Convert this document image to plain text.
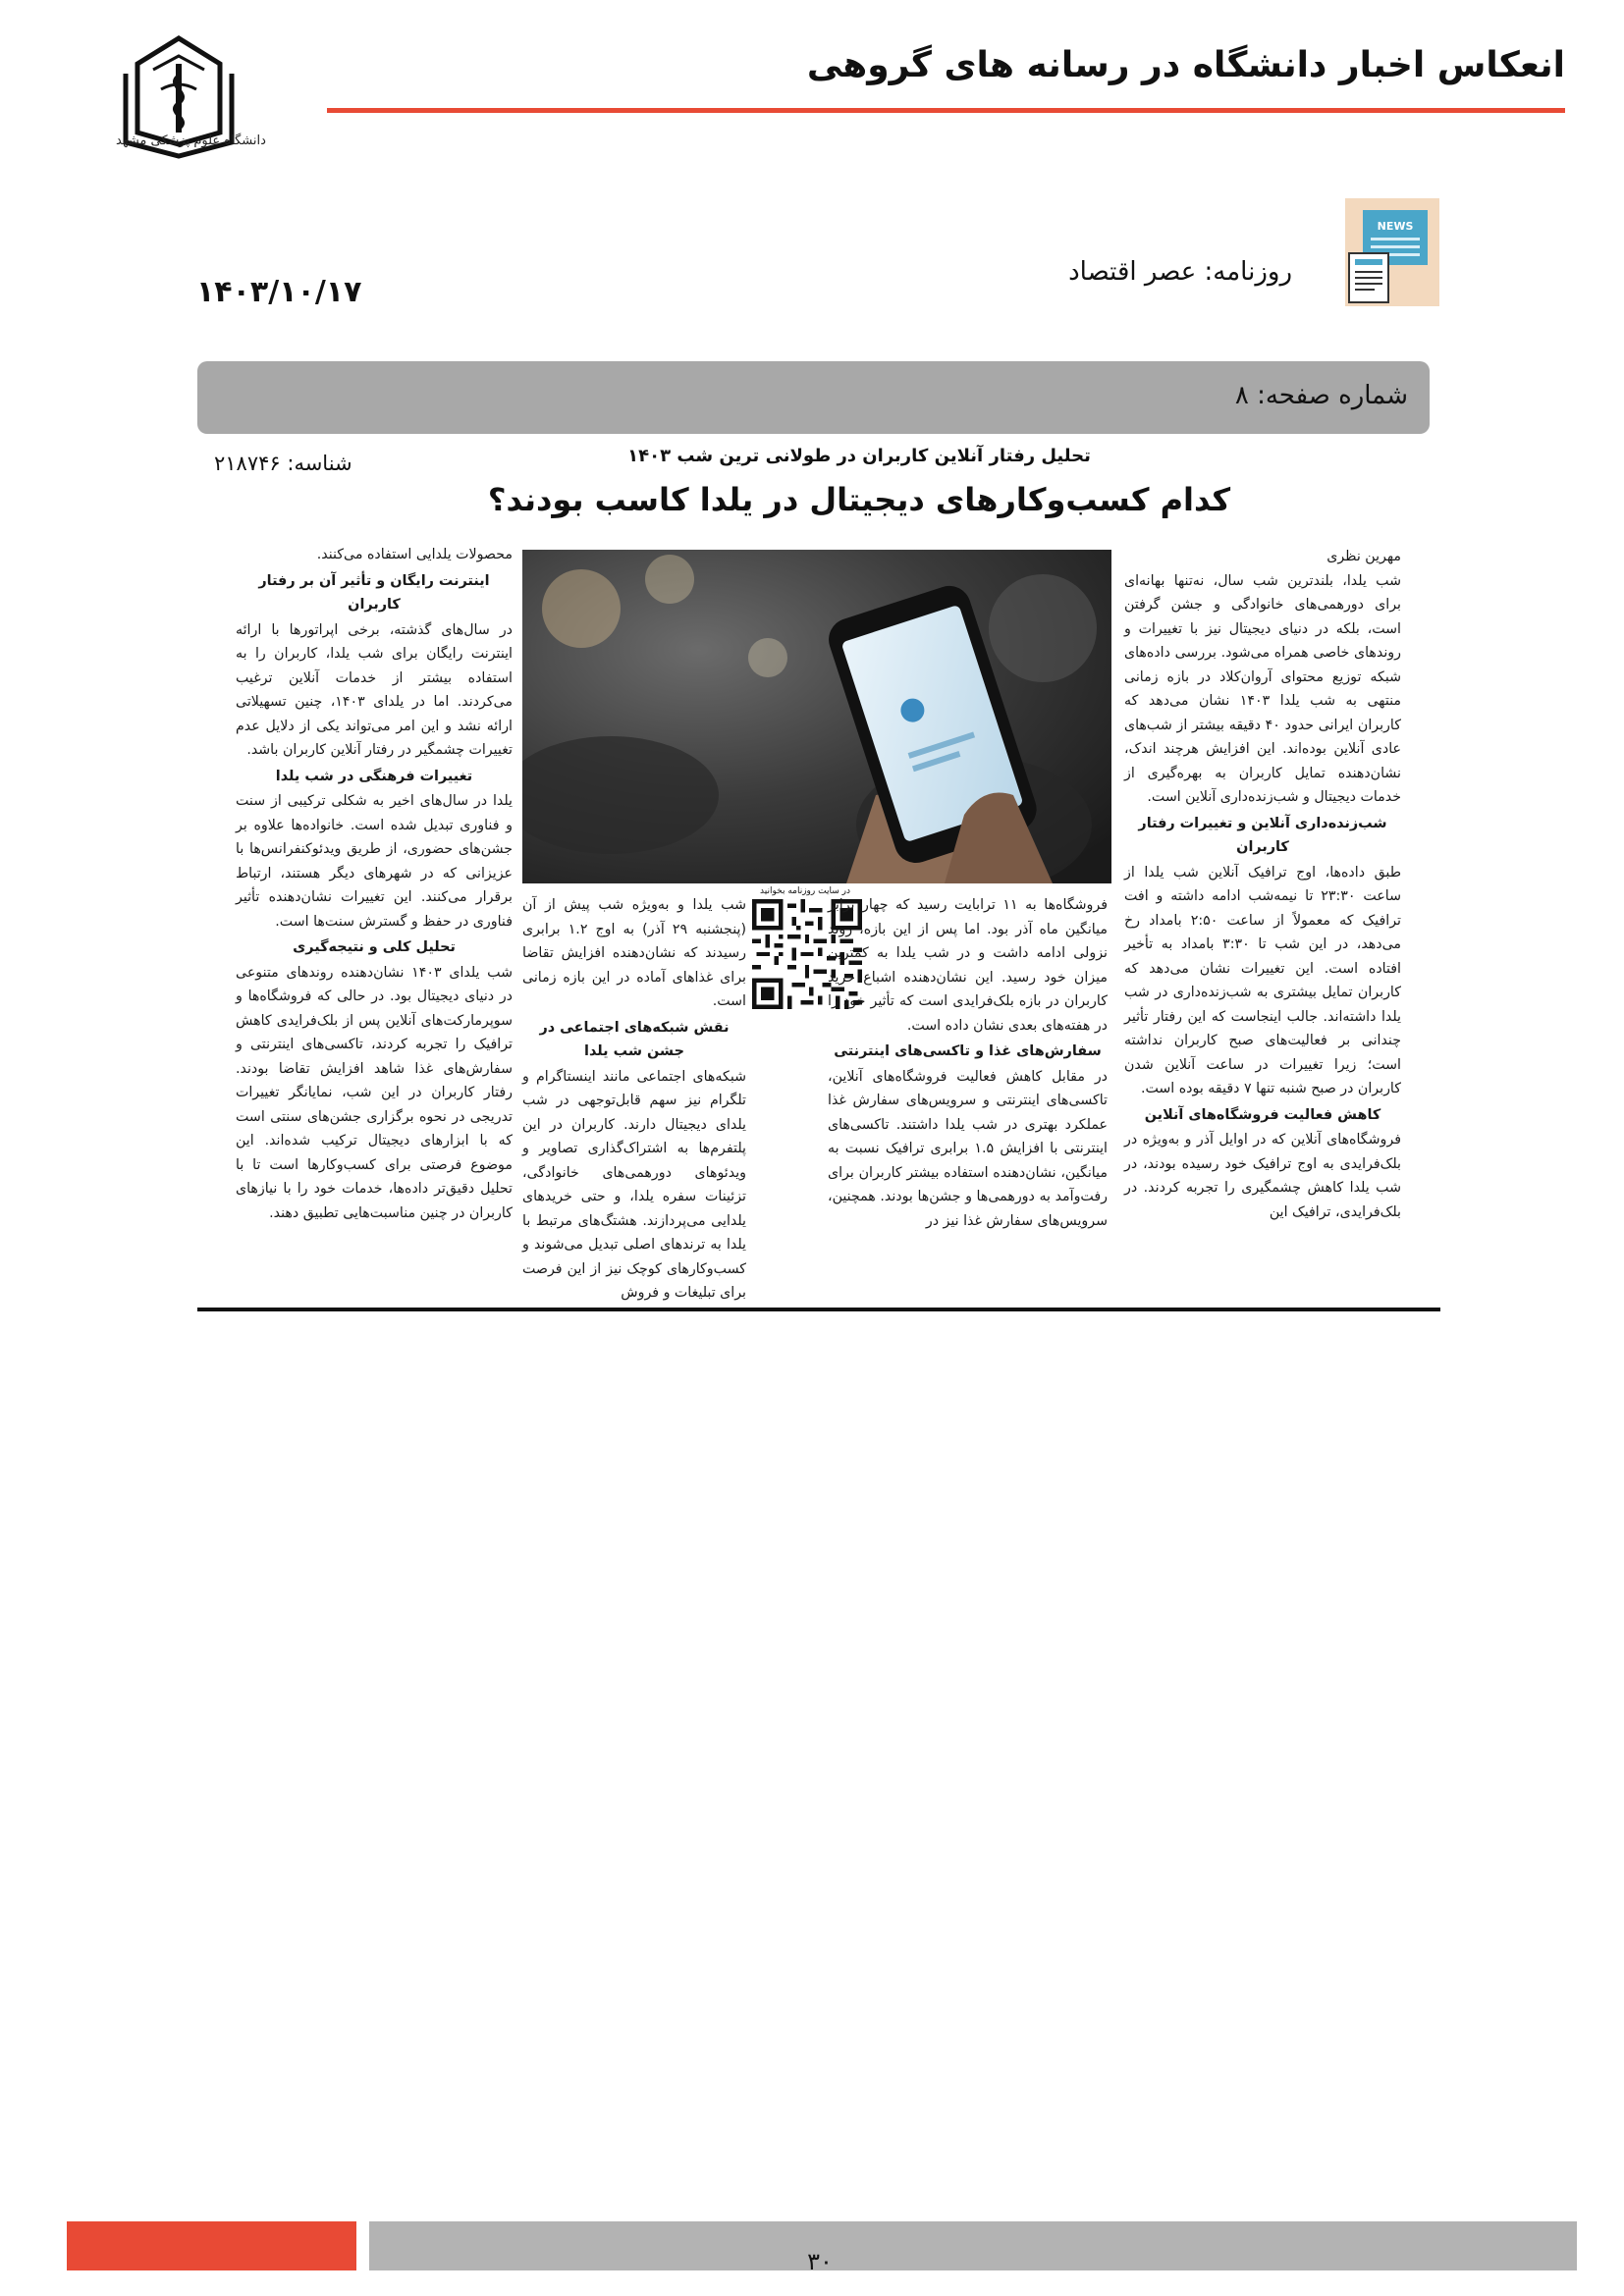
انعکاس اخبار دانشگاه در رسانه های گروهی
دانشگاه علوم پزشکی مشهد
NEWS
روزنامه: عصر اقتصاد
۱۴۰۳/۱۰/۱۷
شماره صفحه: ۸
تحلیل رفتار آنلاین کاربران در طولانی ترین شب ۱۴۰۳
شناسه: ۲۱۸۷۴۶
کدام کسب‌وکارهای دیجیتال در یلدا کاسب بودند؟

مهرین نظری

شب یلدا، بلندترین شب سال، نه‌تنها بهانه‌ای برای دورهمی‌های خانوادگی و جشن گرفتن است، بلکه در دنیای دیجیتال نیز با تغییرات و روندهای خاصی همراه می‌شود. بررسی داده‌های شبکه توزیع محتوای آروان‌کلاد در بازه زمانی منتهی به شب یلدا ۱۴۰۳ نشان می‌دهد که کاربران ایرانی حدود ۴۰ دقیقه بیشتر از شب‌های عادی آنلاین بوده‌اند. این افزایش هرچند اندک، نشان‌دهنده تمایل کاربران به بهره‌گیری از خدمات دیجیتال و شب‌زنده‌داری آنلاین است.

شب‌زنده‌داری آنلاین و تغییرات رفتار کاربران

طبق داده‌ها، اوج ترافیک آنلاین شب یلدا از ساعت ۲۳:۳۰ تا نیمه‌شب ادامه داشته و افت ترافیک که معمولاً از ساعت ۲:۵۰ بامداد رخ می‌دهد، در این شب تا ۳:۳۰ بامداد به تأخیر افتاده است. این تغییرات نشان می‌دهد که کاربران تمایل بیشتری به شب‌زنده‌داری در شب یلدا داشته‌اند. جالب اینجاست که این رفتار تأثیر چندانی بر فعالیت‌های صبح کاربران نداشته است؛ زیرا تغییرات در ساعت آنلاین شدن کاربران در صبح شنبه تنها ۷ دقیقه بوده است.

کاهش فعالیت فروشگاه‌های آنلاین

فروشگاه‌های آنلاین که در اوایل آذر و به‌ویژه در بلک‌فرایدی به اوج ترافیک خود رسیده بودند، در شب یلدا کاهش چشمگیری را تجربه کردند. در بلک‌فرایدی، ترافیک این

در سایت روزنامه بخوانید

فروشگاه‌ها به ۱۱ ترابایت رسید که چهار برابر میانگین ماه آذر بود. اما پس از این بازه، روند نزولی ادامه داشت و در شب یلدا به کمترین میزان خود رسید. این نشان‌دهنده اشباع خرید کاربران در بازه بلک‌فرایدی است که تأثیر خود را در هفته‌های بعدی نشان داده است.

سفارش‌های غذا و تاکسی‌های اینترنتی

در مقابل کاهش فعالیت فروشگاه‌های آنلاین، تاکسی‌های اینترنتی و سرویس‌های سفارش غذا عملکرد بهتری در شب یلدا داشتند. تاکسی‌های اینترنتی با افزایش ۱.۵ برابری ترافیک نسبت به میانگین، نشان‌دهنده استفاده بیشتر کاربران برای رفت‌وآمد به دورهمی‌ها و جشن‌ها بودند. همچنین، سرویس‌های سفارش غذا نیز در

شب یلدا و به‌ویژه شب پیش از آن (پنجشنبه ۲۹ آذر) به اوج ۱.۲ برابری رسیدند که نشان‌دهنده افزایش تقاضا برای غذاهای آماده در این بازه زمانی است.

نقش شبکه‌های اجتماعی در جشن شب یلدا

شبکه‌های اجتماعی مانند اینستاگرام و تلگرام نیز سهم قابل‌توجهی در شب یلدای دیجیتال دارند. کاربران در این پلتفرم‌ها به اشتراک‌گذاری تصاویر و ویدئوهای دورهمی‌های خانوادگی، تزئینات سفره یلدا، و حتی خریدهای یلدایی می‌پردازند. هشتگ‌های مرتبط با یلدا به ترندهای اصلی تبدیل می‌شوند و کسب‌وکارهای کوچک نیز از این فرصت برای تبلیغات و فروش

محصولات یلدایی استفاده می‌کنند.

اینترنت رایگان و تأثیر آن بر رفتار کاربران

در سال‌های گذشته، برخی اپراتورها با ارائه اینترنت رایگان برای شب یلدا، کاربران را به استفاده بیشتر از خدمات آنلاین ترغیب می‌کردند. اما در یلدای ۱۴۰۳، چنین تسهیلاتی ارائه نشد و این امر می‌تواند یکی از دلایل عدم تغییرات چشمگیر در رفتار آنلاین کاربران باشد.

تغییرات فرهنگی در شب یلدا

یلدا در سال‌های اخیر به شکلی ترکیبی از سنت و فناوری تبدیل شده است. خانواده‌ها علاوه بر جشن‌های حضوری، از طریق ویدئوکنفرانس‌ها با عزیزانی که در شهرهای دیگر هستند، ارتباط برقرار می‌کنند. این تغییرات نشان‌دهنده تأثیر فناوری در حفظ و گسترش سنت‌ها است.

تحلیل کلی و نتیجه‌گیری

شب یلدای ۱۴۰۳ نشان‌دهنده روندهای متنوعی در دنیای دیجیتال بود. در حالی که فروشگاه‌ها و سوپرمارکت‌های آنلاین پس از بلک‌فرایدی کاهش ترافیک را تجربه کردند، تاکسی‌های اینترنتی و سفارش‌های غذا شاهد افزایش تقاضا بودند. رفتار کاربران در این شب، نمایانگر تغییرات تدریجی در نحوه برگزاری جشن‌های سنتی است که با ابزارهای دیجیتال ترکیب شده‌اند. این موضوع فرصتی برای کسب‌وکارها است تا با تحلیل دقیق‌تر داده‌ها، خدمات خود را با نیازهای کاربران در چنین مناسبت‌هایی تطبیق دهند.

۳۰
